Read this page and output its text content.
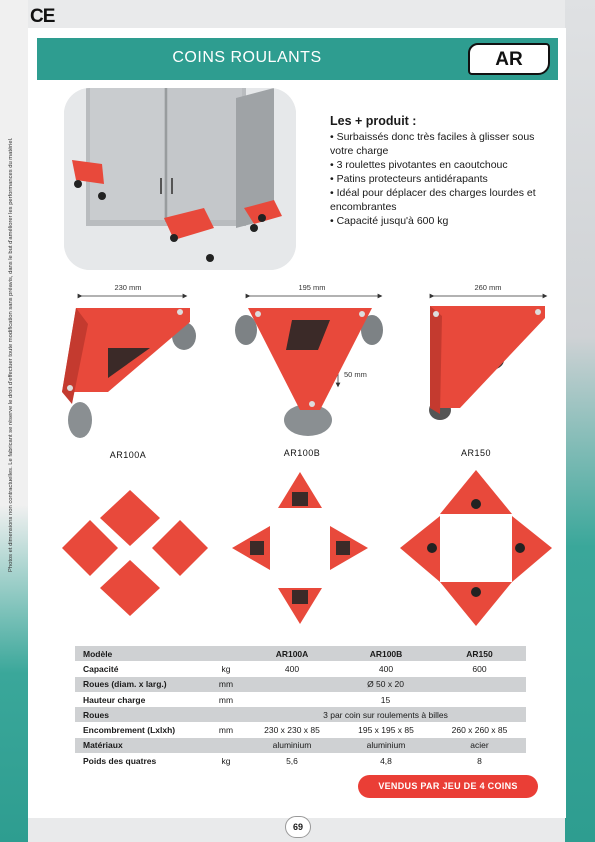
CE
COINS ROULANTS	AR
Photos et dimensions non contractuelles. Le fabricant se réserve le droit d'effectuer toute modification sans préavis, dans le but d'améliorer les performances du matériel.
Les + produit :
• Surbaissés donc très faciles à glisser sous votre charge
• 3 roulettes pivotantes en caoutchouc
• Patins protecteurs antidérapants
• Idéal pour déplacer des charges lourdes et encombrantes
• Capacité jusqu'à 600 kg
230 mm	195 mm	260 mm
50 mm
AR100A	AR100B	AR150
Modèle		AR100A	AR100B	AR150
Capacité	kg	400	400	600
Roues (diam. x larg.)	mm	Ø 50 x 20		
Hauteur charge	mm	15		
Roues		3 par coin sur roulements à billes		
Encombrement (Lxlxh)	mm	230 x 230 x 85	195 x 195 x 85	260 x 260 x 85
Matériaux		aluminium	aluminium	acier
Poids des quatres	kg	5,6	4,8	8
VENDUS PAR JEU DE 4 COINS
69
